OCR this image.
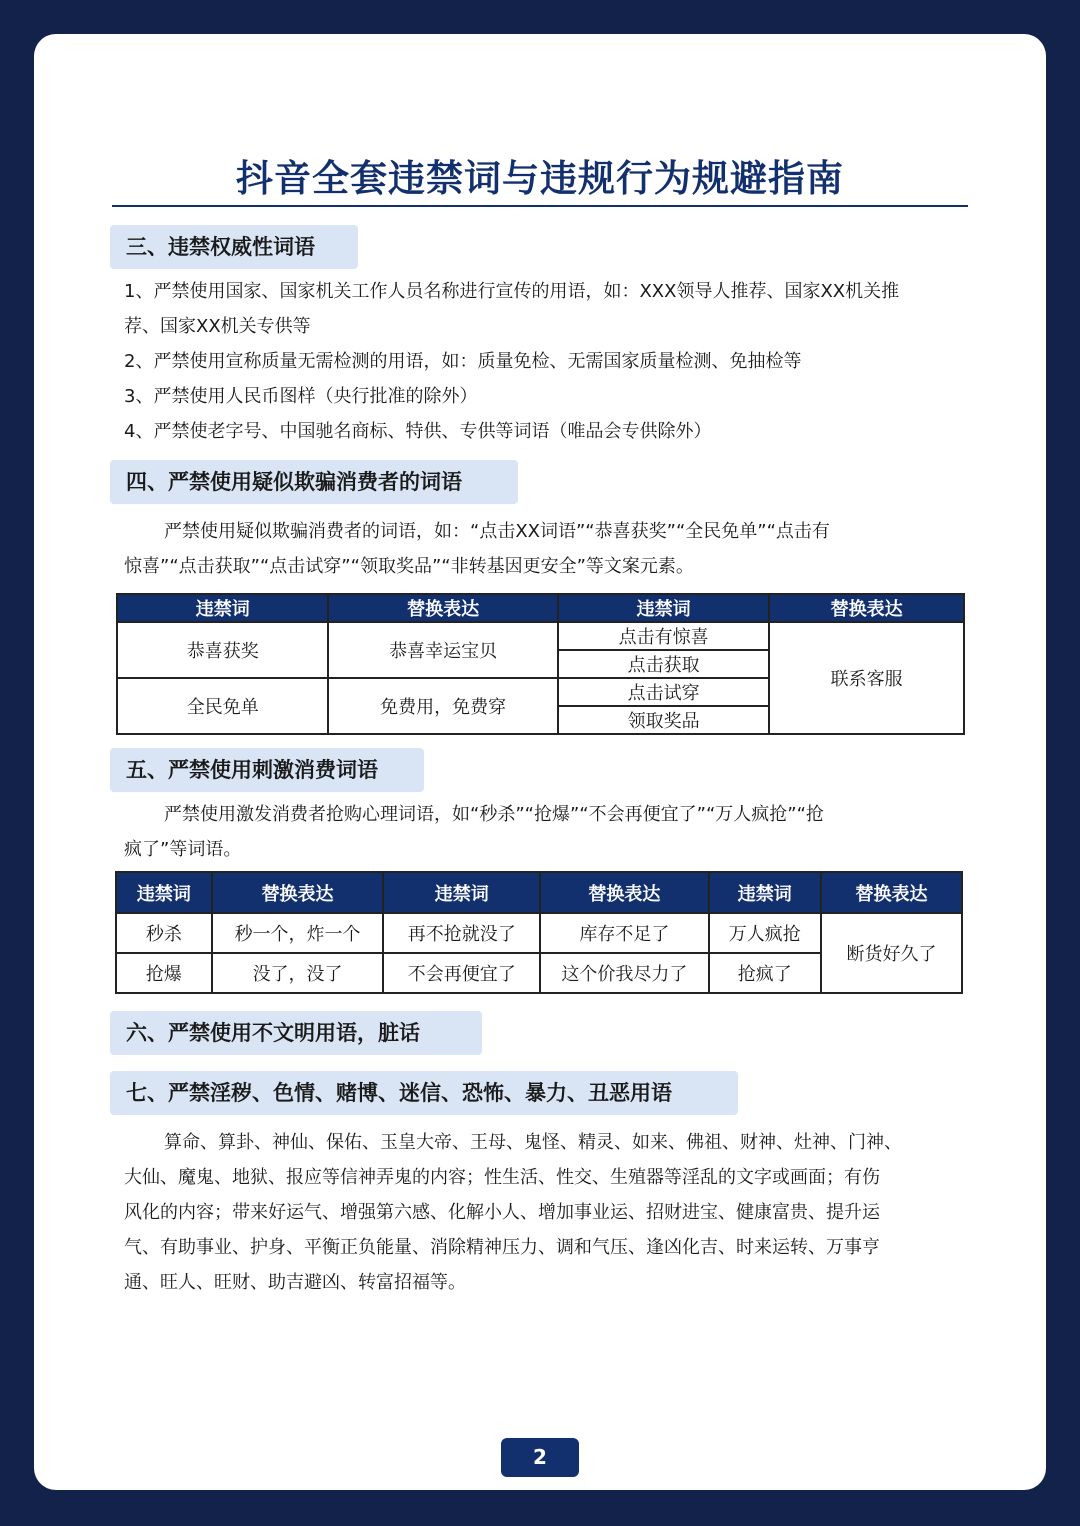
抖音全套违禁词与违规行为规避指南
三、违禁权威性词语

1、严禁使用国家、国家机关工作人员名称进行宣传的用语，如：XXX领导人推荐、国家XX机关推

荐、国家XX机关专供等

2、严禁使用宣称质量无需检测的用语，如：质量免检、无需国家质量检测、免抽检等

3、严禁使用人民币图样（央行批准的除外）

4、严禁使老字号、中国驰名商标、特供、专供等词语（唯品会专供除外）

四、严禁使用疑似欺骗消费者的词语

严禁使用疑似欺骗消费者的词语，如：“点击XX词语”“恭喜获奖”“全民免单”“点击有

惊喜”“点击获取”“点击试穿”“领取奖品”“非转基因更安全”等文案元素。

违禁词	替换表达	违禁词	替换表达
恭喜获奖	恭喜幸运宝贝	点击有惊喜	联系客服
		点击获取	
全民免单	免费用，免费穿	点击试穿	
		领取奖品	
五、严禁使用刺激消费词语

严禁使用激发消费者抢购心理词语，如“秒杀”“抢爆”“不会再便宜了”“万人疯抢”“抢

疯了”等词语。

违禁词	替换表达	违禁词	替换表达	违禁词	替换表达
秒杀	秒一个，炸一个	再不抢就没了	库存不足了	万人疯抢	断货好久了
抢爆	没了，没了	不会再便宜了	这个价我尽力了	抢疯了	
六、严禁使用不文明用语，脏话
七、严禁淫秽、色情、赌博、迷信、恐怖、暴力、丑恶用语

算命、算卦、神仙、保佑、玉皇大帝、王母、鬼怪、精灵、如来、佛祖、财神、灶神、门神、

大仙、魔鬼、地狱、报应等信神弄鬼的内容；性生活、性交、生殖器等淫乱的文字或画面；有伤

风化的内容；带来好运气、增强第六感、化解小人、增加事业运、招财进宝、健康富贵、提升运

气、有助事业、护身、平衡正负能量、消除精神压力、调和气压、逢凶化吉、时来运转、万事亨

通、旺人、旺财、助吉避凶、转富招福等。

2
